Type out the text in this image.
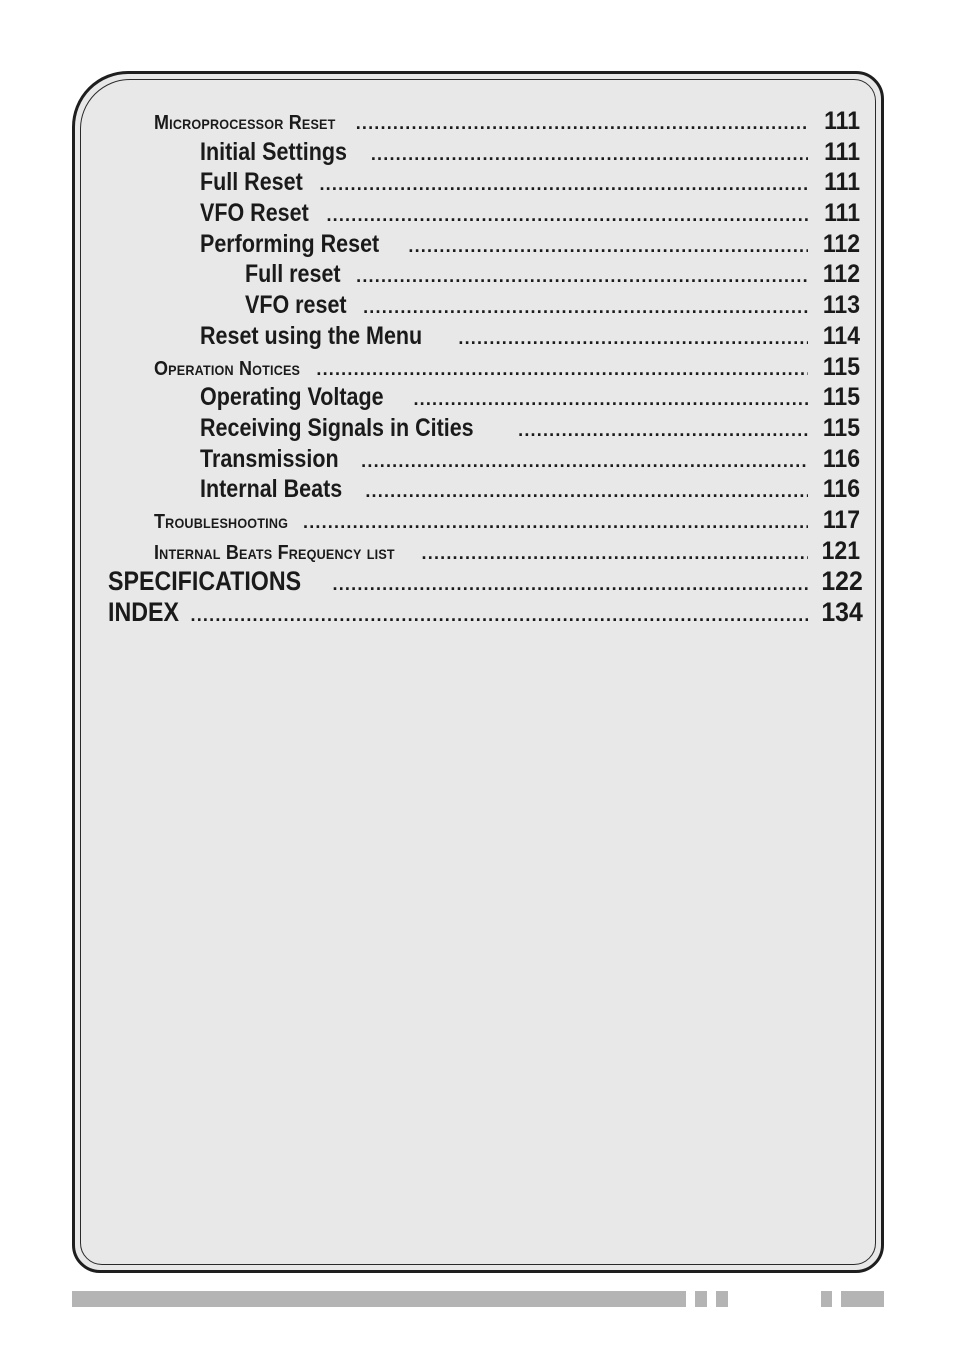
Microprocessor Reset .....	111
Initial Settings .....	111
Full Reset .....	111
VFO Reset .....	111
Performing Reset .....	112
Full reset .....	112
VFO reset .....	113
Reset using the Menu .....	114
Operation Notices .....	115
Operating Voltage .....	115
Receiving Signals in Cities .....	115
Transmission .....	116
Internal Beats .....	116
Troubleshooting .....	117
Internal Beats Frequency list .....	121
SPECIFICATIONS .....	122
INDEX .....	134
